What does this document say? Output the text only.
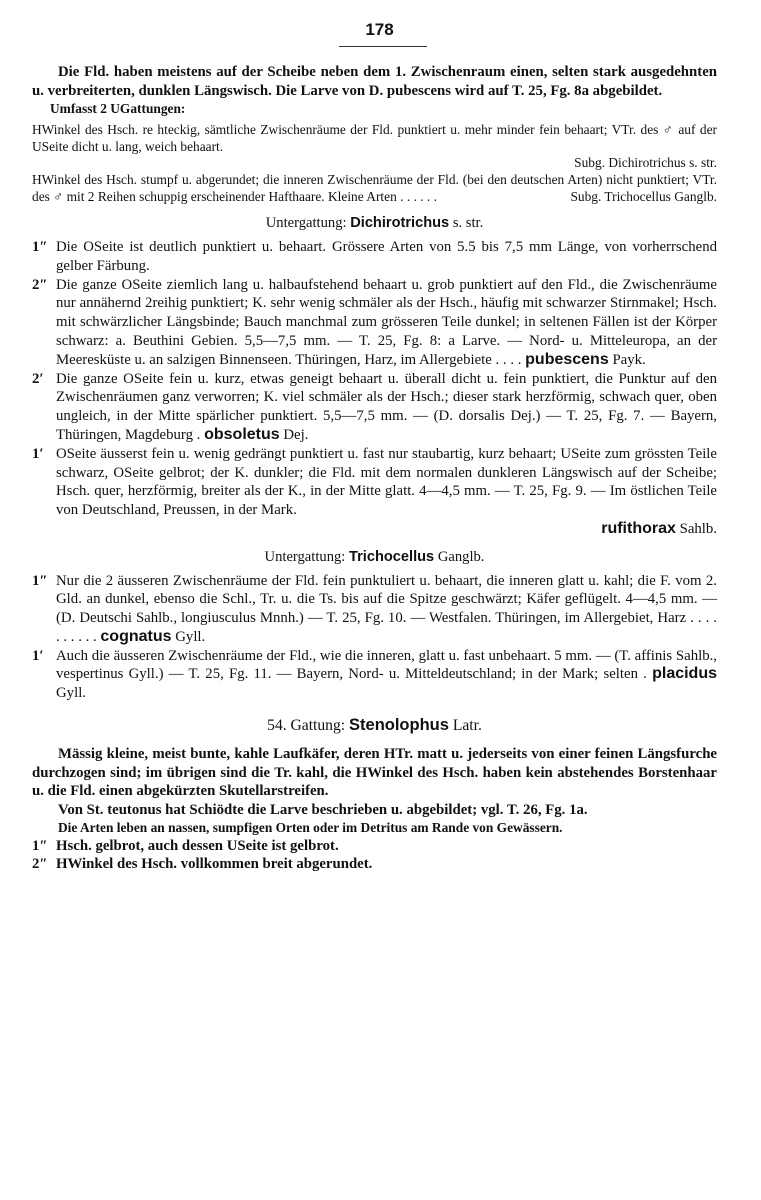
178

Die Fld. haben meistens auf der Scheibe neben dem 1. Zwischenraum einen, selten stark ausgedehnten u. verbreiterten, dunklen Längswisch. Die Larve von D. pubescens wird auf T. 25, Fg. 8a abgebildet.

Umfasst 2 UGattungen:

HWinkel des Hsch. re hteckig, sämtliche Zwischenräume der Fld. punktiert u. mehr minder fein behaart; VTr. des ♂ auf der USeite dicht u. lang, weich behaart.

Subg. Dichirotrichus s. str.

HWinkel des Hsch. stumpf u. abgerundet; die inneren Zwischenräume der Fld. (bei den deutschen Arten) nicht punktiert; VTr. des ♂ mit 2 Reihen schuppig erscheinender Hafthaare. Kleine Arten . . . . . .	Subg. Trichocellus Ganglb.

Untergattung: Dichirotrichus s. str.

1″ Die OSeite ist deutlich punktiert u. behaart. Grössere Arten von 5.5 bis 7,5 mm Länge, von vorherrschend gelber Färbung.

2″ Die ganze OSeite ziemlich lang u. halbaufstehend behaart u. grob punktiert auf den Fld., die Zwischenräume nur annähernd 2reihig punktiert; K. sehr wenig schmäler als der Hsch., häufig mit schwarzer Stirnmakel; Hsch. mit schwärzlicher Längsbinde; Bauch manchmal zum grösseren Teile dunkel; in seltenen Fällen ist der Körper schwarz: a. Beuthini Gebien. 5,5—7,5 mm. — T. 25, Fg. 8: a Larve. — Nord- u. Mitteleuropa, an der Meeresküste u. an salzigen Binnenseen. Thüringen, Harz, im Allergebiete . . . . pubescens Payk.

2′ Die ganze OSeite fein u. kurz, etwas geneigt behaart u. überall dicht u. fein punktiert, die Punktur auf den Zwischenräumen ganz verworren; K. viel schmäler als der Hsch.; dieser stark herzförmig, schwach quer, oben ungleich, in der Mitte spärlicher punktiert. 5,5—7,5 mm. — (D. dorsalis Dej.) — T. 25, Fg. 7. — Bayern, Thüringen, Magdeburg . obsoletus Dej.

1′ OSeite äusserst fein u. wenig gedrängt punktiert u. fast nur staubartig, kurz behaart; USeite zum grössten Teile schwarz, OSeite gelbrot; der K. dunkler; die Fld. mit dem normalen dunkleren Längswisch auf der Scheibe; Hsch. quer, herzförmig, breiter als der K., in der Mitte glatt. 4—4,5 mm. — T. 25, Fg. 9. — Im östlichen Teile von Deutschland, Preussen, in der Mark.

rufithorax Sahlb.

Untergattung: Trichocellus Ganglb.

1″ Nur die 2 äusseren Zwischenräume der Fld. fein punktuliert u. behaart, die inneren glatt u. kahl; die F. vom 2. Gld. an dunkel, ebenso die Schl., Tr. u. die Ts. bis auf die Spitze geschwärzt; Käfer geflügelt. 4—4,5 mm. — (D. Deutschi Sahlb., longiusculus Mnnh.) — T. 25, Fg. 10. — Westfalen. Thüringen, im Allergebiet, Harz . . . . . . . . . . cognatus Gyll.

1′ Auch die äusseren Zwischenräume der Fld., wie die inneren, glatt u. fast unbehaart. 5 mm. — (T. affinis Sahlb., vespertinus Gyll.) — T. 25, Fg. 11. — Bayern, Nord- u. Mitteldeutschland; in der Mark; selten . placidus Gyll.

54. Gattung: Stenolophus Latr.

Mässig kleine, meist bunte, kahle Laufkäfer, deren HTr. matt u. jederseits von einer feinen Längsfurche durchzogen sind; im übrigen sind die Tr. kahl, die HWinkel des Hsch. haben kein abstehendes Borstenhaar u. die Fld. einen abgekürzten Skutellarstreifen.

Von St. teutonus hat Schiödte die Larve beschrieben u. abgebildet; vgl. T. 26, Fg. 1a.

Die Arten leben an nassen, sumpfigen Orten oder im Detritus am Rande von Gewässern.

1″ Hsch. gelbrot, auch dessen USeite ist gelbrot.

2″ HWinkel des Hsch. vollkommen breit abgerundet.
